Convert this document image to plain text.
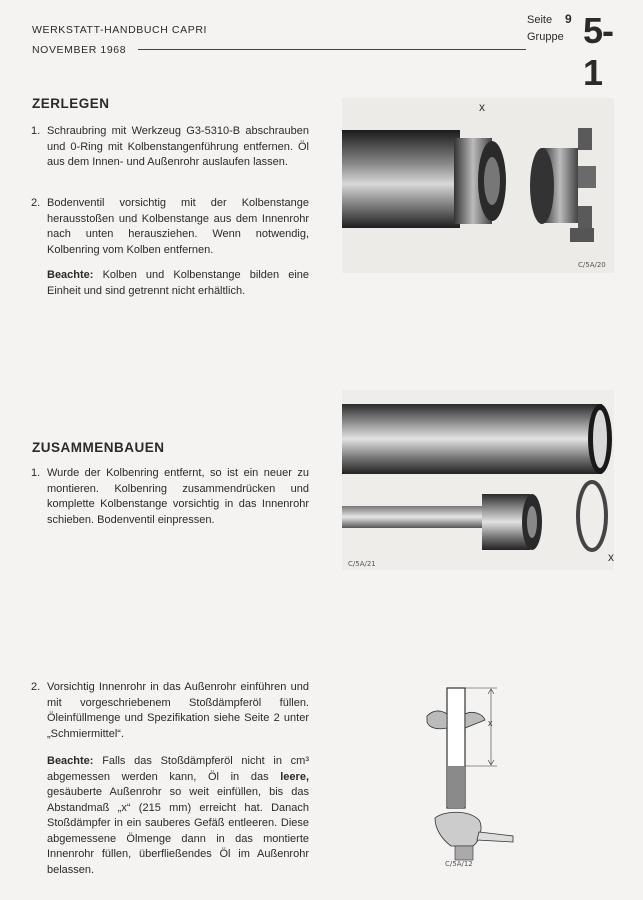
WERKSTATT-HANDBUCH CAPRI
NOVEMBER 1968
Seite 9
Gruppe 5-1
ZERLEGEN
1. Schraubring mit Werkzeug G3-5310-B abschrauben und 0-Ring mit Kolbenstangenführung entfernen. Öl aus dem Innen- und Außenrohr auslaufen lassen.
2. Bodenventil vorsichtig mit der Kolbenstange herausstoßen und Kolbenstange aus dem Innenrohr nach unten herausziehen. Wenn notwendig, Kolbenring vom Kolben entfernen.
Beachte: Kolben und Kolbenstange bilden eine Einheit und sind getrennt nicht erhältlich.
C/5A/20
x
ZUSAMMENBAUEN
1. Wurde der Kolbenring entfernt, so ist ein neuer zu montieren. Kolbenring zusammendrücken und komplette Kolbenstange vorsichtig in das Innenrohr schieben. Bodenventil einpressen.
C/5A/21	x
2. Vorsichtig Innenrohr in das Außenrohr einführen und mit vorgeschriebenem Stoßdämpferöl füllen. Öleinfüllmenge und Spezifikation siehe Seite 2 unter „Schmiermittel“.
Beachte: Falls das Stoßdämpferöl nicht in cm³ abgemessen werden kann, Öl in das leere, gesäuberte Außenrohr so weit einfüllen, bis das Abstandmaß „x“ (215 mm) erreicht hat. Danach Stoßdämpfer in ein sauberes Gefäß entleeren. Diese abgemessene Ölmenge dann in das montierte Innenrohr füllen, überfließendes Öl im Außenrohr belassen.	C/5A/12
x
